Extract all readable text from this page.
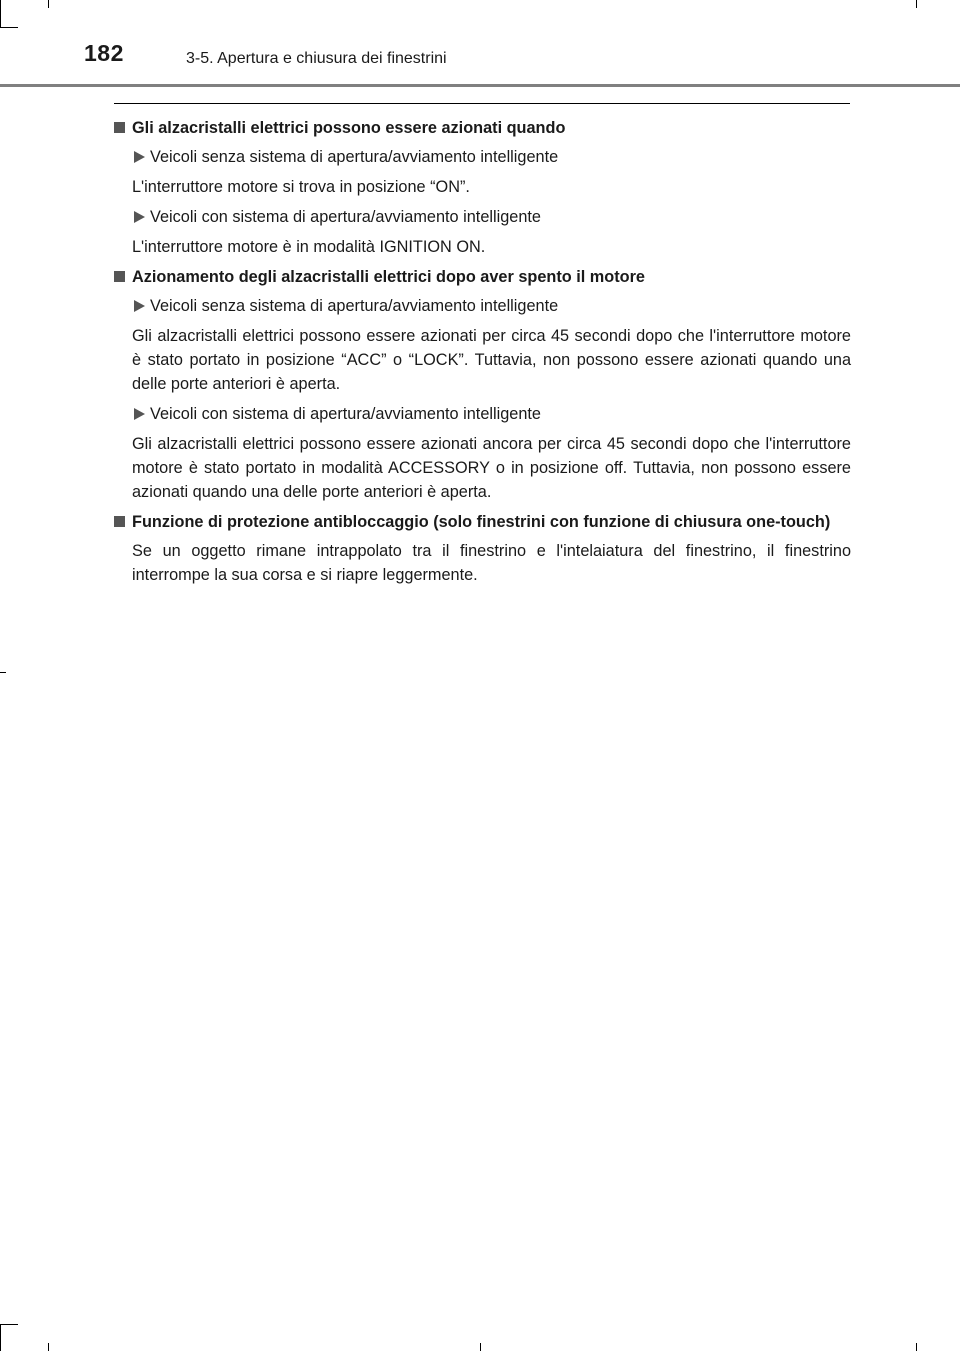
182	3-5. Apertura e chiusura dei finestrini
Gli alzacristalli elettrici possono essere azionati quando
Veicoli senza sistema di apertura/avviamento intelligente
L'interruttore motore si trova in posizione “ON”.
Veicoli con sistema di apertura/avviamento intelligente
L'interruttore motore è in modalità IGNITION ON.
Azionamento degli alzacristalli elettrici dopo aver spento il motore
Veicoli senza sistema di apertura/avviamento intelligente
Gli alzacristalli elettrici possono essere azionati per circa 45 secondi dopo che l'interruttore motore è stato portato in posizione “ACC” o “LOCK”. Tuttavia, non possono essere azionati quando una delle porte anteriori è aperta.
Veicoli con sistema di apertura/avviamento intelligente
Gli alzacristalli elettrici possono essere azionati ancora per circa 45 secondi dopo che l'interruttore motore è stato portato in modalità ACCESSORY o in posizione off. Tuttavia, non possono essere azionati quando una delle porte anteriori è aperta.
Funzione di protezione antibloccaggio (solo finestrini con funzione di chiusura one-touch)
Se un oggetto rimane intrappolato tra il finestrino e l'intelaiatura del finestrino, il finestrino interrompe la sua corsa e si riapre leggermente.
